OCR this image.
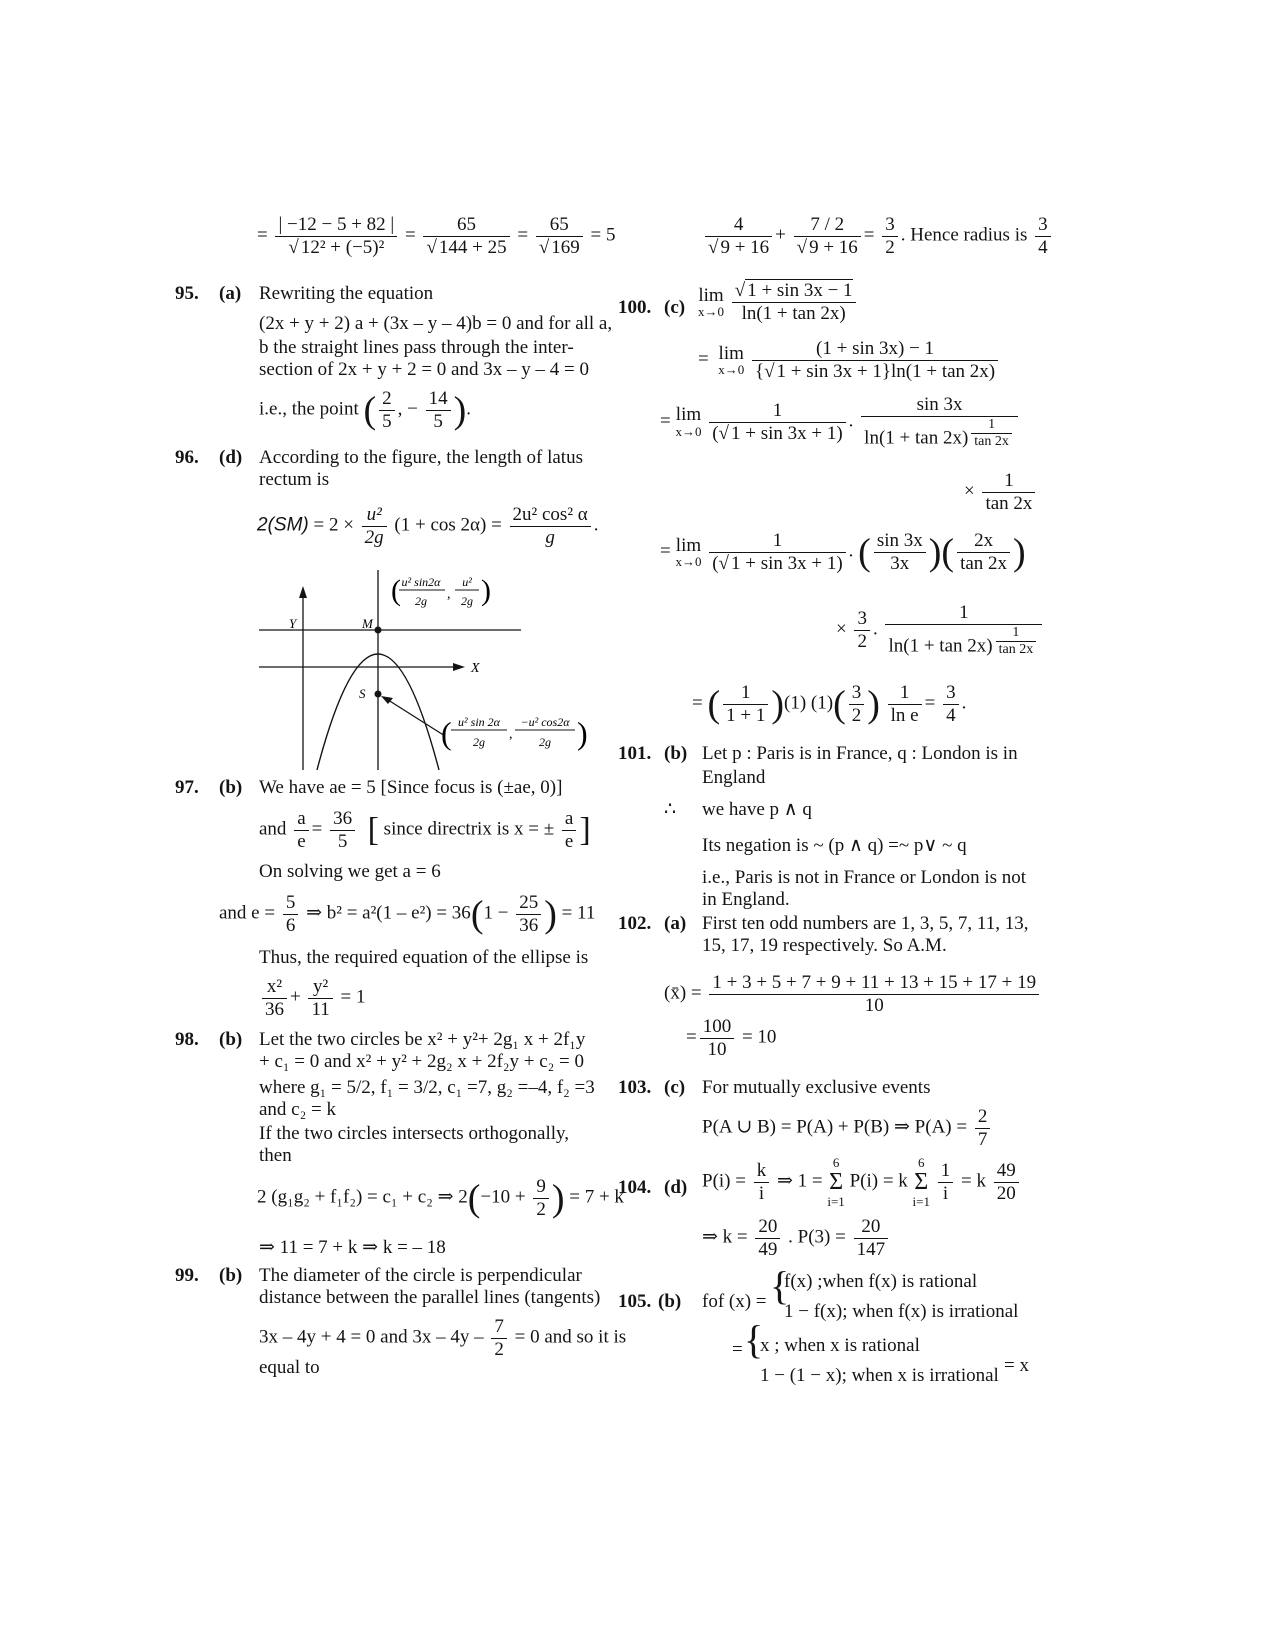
= $\frac{| -12 - 5 + 82 |}{\text{√ 12² + (−5)²}} = \frac{65}{√ 144 + 25} = \frac{65}{√ 169} = 5$
95. (a) Rewriting the equation
(2x + y + 2) a + (3x – y – 4)b = 0 and for all a,
b the straight lines pass through the inter-
section of 2x + y + 2 = 0 and 3x – y – 4 = 0
i.e., the point ( $\frac{2}{5}$ , − $\frac{14}{5}$ ).
96. (d) According to the figure, the length of latus
rectum is
$2(SM) = 2 \times \frac{\text{u²}}{2g} (1 + \cos 2\alpha) = \frac{\text{2u² cos² α}}{g}$ .
Y
X
M
S
( u² sin2α
2g ,
u²
2g )
( u² sin 2α
2g ,
−u² cos2α
2g )
97. (b) We have ae = 5 [Since focus is (±ae, 0)]
and $\frac{a}{e} = \frac{36}{5}$ [ since directrix is x = ± $\frac{a}{e}$ ]
On solving we get a = 6
and $e = \frac{5}{6}$ ⇒ $b^2 = a^2(1 - e^2) = 36(1 - \frac{25}{36}$ ) = 11
Thus, the required equation of the ellipse is
$\frac{\text{x²}}{36} + \frac{\text{y²}}{11} = 1$
98. (b) Let the two circles be x² + y²+ 2g₁ x + 2f₁y
+ c₁ = 0 and x² + y² + 2g₂ x + 2f₂y + c₂ = 0
where g₁ = 5/2, f₁ = 3/2, c₁ =7, g₂ =–4, f₂ =3
and c₂ = k
If the two circles intersects orthogonally,
then
2 (g₁g₂ + f₁f₂) = c₁ + c₂ ⇒ $2(-10 + \frac{9}{2}$ ) = 7 + k
⇒ 11 = 7 + k ⇒ k = – 18
99. (b) The diameter of the circle is perpendicular
distance between the parallel lines (tangents)
3x – 4y + 4 = 0 and $3x - 4y - \frac{7}{2} = 0$ and so it is
equal to
$\frac{4}{√ 9 + 16} + \frac{7 / 2}{√ 9 + 16} = \frac{3}{2}$ . Hence radius is $\frac{3}{4}$
100. (c)
lim
x→0
$\frac{√ 1 + \sin 3x - 1}{\ln(1 + \tan 2x)}$
= lim
x→0
$\frac{(1 + \sin 3x) - 1}{\{√ 1 + \sin 3x + 1\}\ln(1 + \tan 2x)}$
= lim
x→0
$\frac{1}{(√ 1 + \sin 3x + 1)}$ . sin 3x
ln(1 + tan 2x) $^{\frac{1}{\tan 2x}}$
× $\frac{1}{\tan 2x}$
= lim
x→0
$\frac{1}{(√ 1 + \sin 3x + 1)}$ . ( $\frac{\sin 3x}{3x}$ )( $\frac{2x}{\tan 2x}$ )
× $\frac{3}{2}$ . 1
ln(1 + tan 2x) $^{\frac{1}{\tan 2x}}$
= ( $\frac{1}{1 + 1} )(1)$ $(1)( \frac{3}{2}$ ) $\frac{1}{\text{ln e}} = \frac{3}{4}$ .
101. (b) Let p : Paris is in France, q : London is in
England
∴ we have p ∧ q
Its negation is ~ (p ∧ q) =~ p∨ ~ q
i.e., Paris is not in France or London is not
in England.
102. (a) First ten odd numbers are 1, 3, 5, 7, 11, 13,
15, 17, 19 respectively. So A.M.
(x̄) = $\frac{1 + 3 + 5 + 7 + 9 + 11 + 13 + 15 + 17 + 19}{10}$
= $\frac{100}{10} = 10$
103. (c) For mutually exclusive events
P(A ∪ B) = P(A) + P(B) ⇒ $P(A) = \frac{2}{7}$
104. (d) $P(i) = \frac{k}{i}$ ⇒ 1 =
6
Σ
i=1
P(i) = k
6
Σ
i=1
$\frac{1}{i} = k \frac{49}{20}$
⇒ $k = \frac{20}{49}$ . $P(3) = \frac{20}{147}$
105. (b) fof (x) = {
f(x) ;when f(x) is rational
1 − f(x); when f(x) is irrational
= {
x ; when x is rational
1 − (1 − x); when x is irrational = x
